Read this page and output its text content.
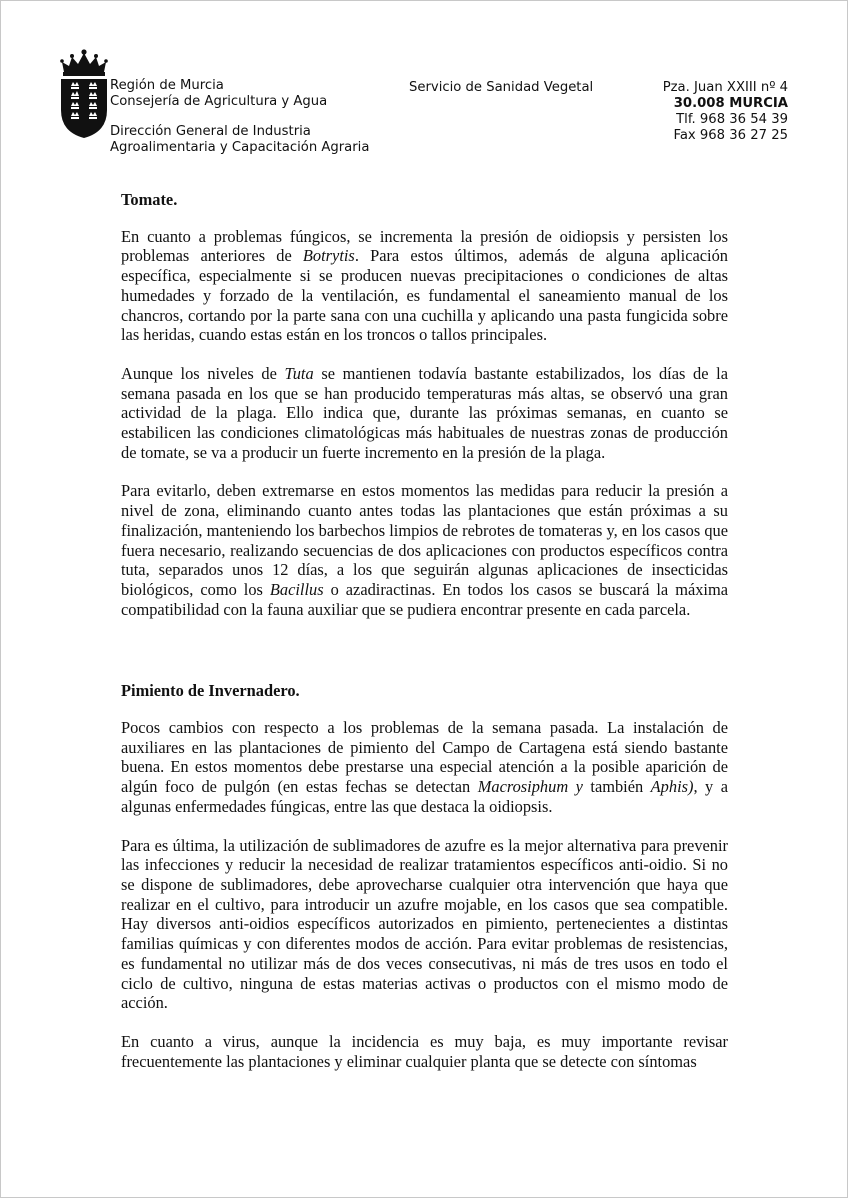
Región de Murcia
Consejería de Agricultura y Agua
Dirección General de Industria
Agroalimentaria y Capacitación Agraria
Servicio de Sanidad Vegetal	Pza. Juan XXIII nº 4
30.008 MURCIA
Tlf. 968 36 54 39
Fax 968 36 27 25
Tomate.

En cuanto a problemas fúngicos, se incrementa la presión de oidiopsis y persisten los problemas anteriores de Botrytis. Para estos últimos, además de alguna aplicación específica, especialmente si se producen nuevas precipitaciones o condiciones de altas humedades y forzado de la ventilación, es fundamental el saneamiento manual de los chancros, cortando por la parte sana con una cuchilla y aplicando una pasta fungicida sobre las heridas, cuando estas están en los troncos o tallos principales.

Aunque los niveles de Tuta se mantienen todavía bastante estabilizados, los días de la semana pasada en los que se han producido temperaturas más altas, se observó una gran actividad de la plaga. Ello indica que, durante las próximas semanas, en cuanto se estabilicen las condiciones climatológicas más habituales de nuestras zonas de producción de tomate, se va a producir un fuerte incremento en la presión de la plaga.

Para evitarlo, deben extremarse en estos momentos las medidas para reducir la presión a nivel de zona, eliminando cuanto antes todas las plantaciones que están próximas a su finalización, manteniendo los barbechos limpios de rebrotes de tomateras y, en los casos que fuera necesario, realizando secuencias de dos aplicaciones con productos específicos contra tuta, separados unos 12 días, a los que seguirán algunas aplicaciones de insecticidas biológicos, como los Bacillus o azadiractinas. En todos los casos se buscará la máxima compatibilidad con la fauna auxiliar que se pudiera encontrar presente en cada parcela.

Pimiento de Invernadero.

Pocos cambios con respecto a los problemas de la semana pasada. La instalación de auxiliares en las plantaciones de pimiento del Campo de Cartagena está siendo bastante buena. En estos momentos debe prestarse una especial atención a la posible aparición de algún foco de pulgón (en estas fechas se detectan Macrosiphum y también Aphis), y a algunas enfermedades fúngicas, entre las que destaca la oidiopsis.

Para es última, la utilización de sublimadores de azufre es la mejor alternativa para prevenir las infecciones y reducir la necesidad de realizar tratamientos específicos anti-oidio. Si no se dispone de sublimadores, debe aprovecharse cualquier otra intervención que haya que realizar en el cultivo, para introducir un azufre mojable, en los casos que sea compatible. Hay diversos anti-oidios específicos autorizados en pimiento, pertenecientes a distintas familias químicas y con diferentes modos de acción. Para evitar problemas de resistencias, es fundamental no utilizar más de dos veces consecutivas, ni más de tres usos en todo el ciclo de cultivo, ninguna de estas materias activas o productos con el mismo modo de acción.

En cuanto a virus, aunque la incidencia es muy baja, es muy importante revisar frecuentemente las plantaciones y eliminar cualquier planta que se detecte con síntomas
